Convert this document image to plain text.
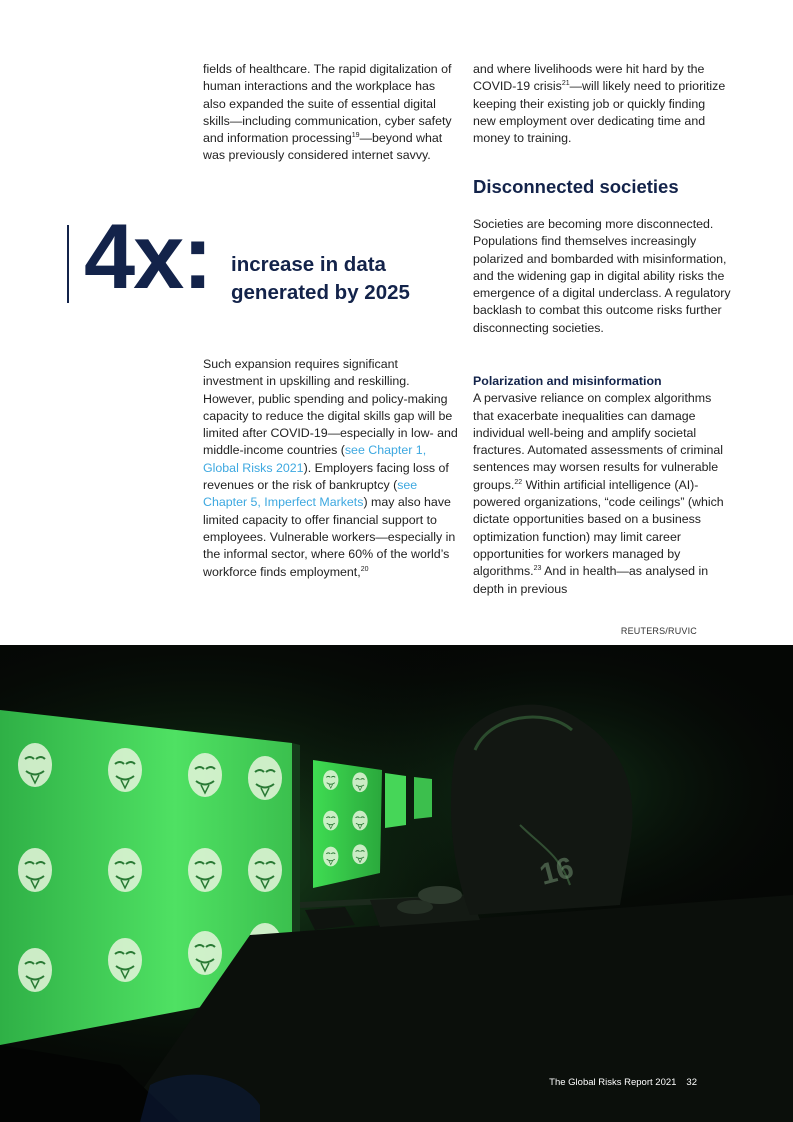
fields of healthcare. The rapid digitalization of human interactions and the workplace has also expanded the suite of essential digital skills—including communication, cyber safety and information processing$^{19}$—beyond what was previously considered internet savvy.

4x: increase in data generated by 2025

Such expansion requires significant investment in upskilling and reskilling. However, public spending and policy-making capacity to reduce the digital skills gap will be limited after COVID-19—especially in low- and middle-income countries (see Chapter 1, Global Risks 2021). Employers facing loss of revenues or the risk of bankruptcy (see Chapter 5, Imperfect Markets) may also have limited capacity to offer financial support to employees. Vulnerable workers—especially in the informal sector, where 60% of the world’s workforce finds employment,$^{20}$

and where livelihoods were hit hard by the COVID-19 crisis$^{21}$—will likely need to prioritize keeping their existing job or quickly finding new employment over dedicating time and money to training.

Disconnected societies

Societies are becoming more disconnected. Populations find themselves increasingly polarized and bombarded with misinformation, and the widening gap in digital ability risks the emergence of a digital underclass. A regulatory backlash to combat this outcome risks further disconnecting societies.

Polarization and misinformation

A pervasive reliance on complex algorithms that exacerbate inequalities can damage individual well-being and amplify societal fractures. Automated assessments of criminal sentences may worsen results for vulnerable groups.$^{22}$ Within artificial intelligence (AI)-powered organizations, “code ceilings” (which dictate opportunities based on a business optimization function) may limit career opportunities for workers managed by algorithms.$^{23}$ And in health—as analysed in depth in previous

REUTERS/RUVIC
16
The Global Risks Report 2021 32
